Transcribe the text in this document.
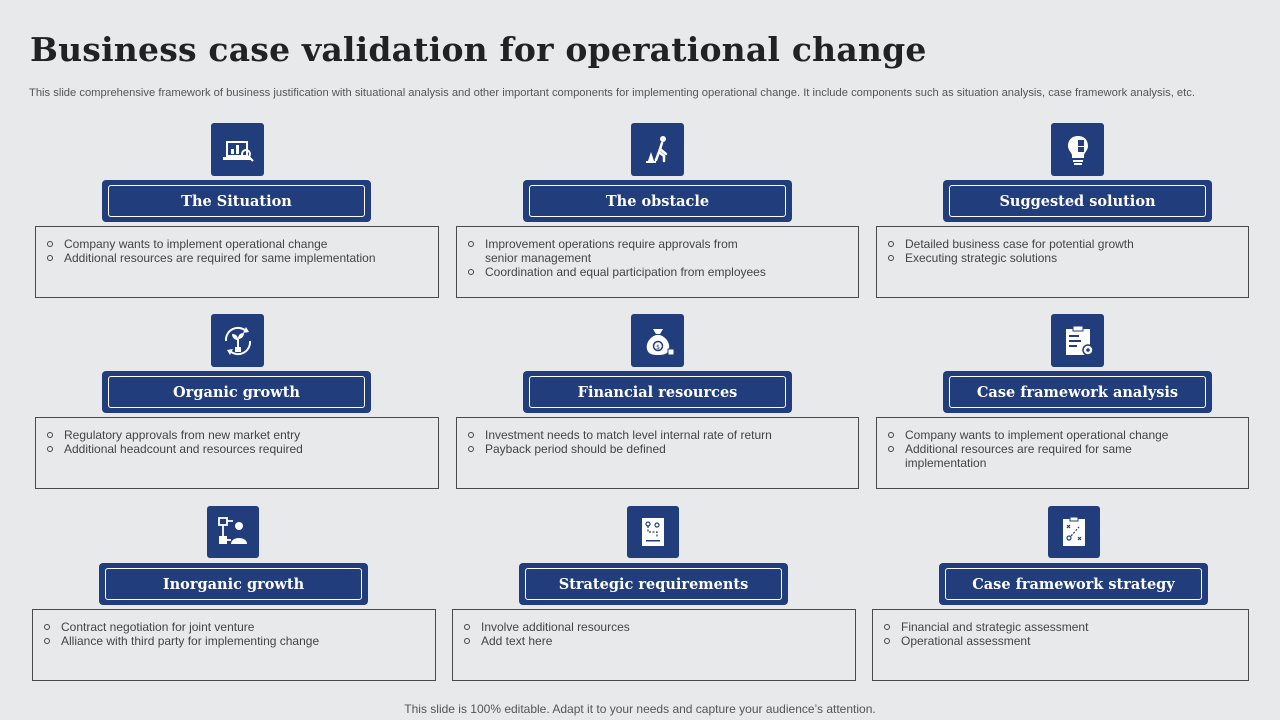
Business case validation for operational change
This slide comprehensive framework of business justification with situational analysis and other important components for implementing operational change. It include components such as situation analysis, case framework analysis, etc.
The Situation
Company wants to implement operational change
Additional resources are required for same implementation
The obstacle
Improvement operations require approvals from senior management
Coordination and equal participation from employees
Suggested solution
Detailed business case for potential growth
Executing strategic solutions
Organic growth
Regulatory approvals from new market entry
Additional headcount and resources required
$
Financial resources
Investment needs to match level internal rate of return
Payback period should be defined
Case framework analysis
Company wants to implement operational change
Additional resources are required for same implementation
Inorganic growth
Contract negotiation for joint venture
Alliance with third party for implementing change
Strategic requirements
Involve additional resources
Add text here
Case framework strategy
Financial and strategic assessment
Operational assessment
This slide is 100% editable. Adapt it to your needs and capture your audience’s attention.
